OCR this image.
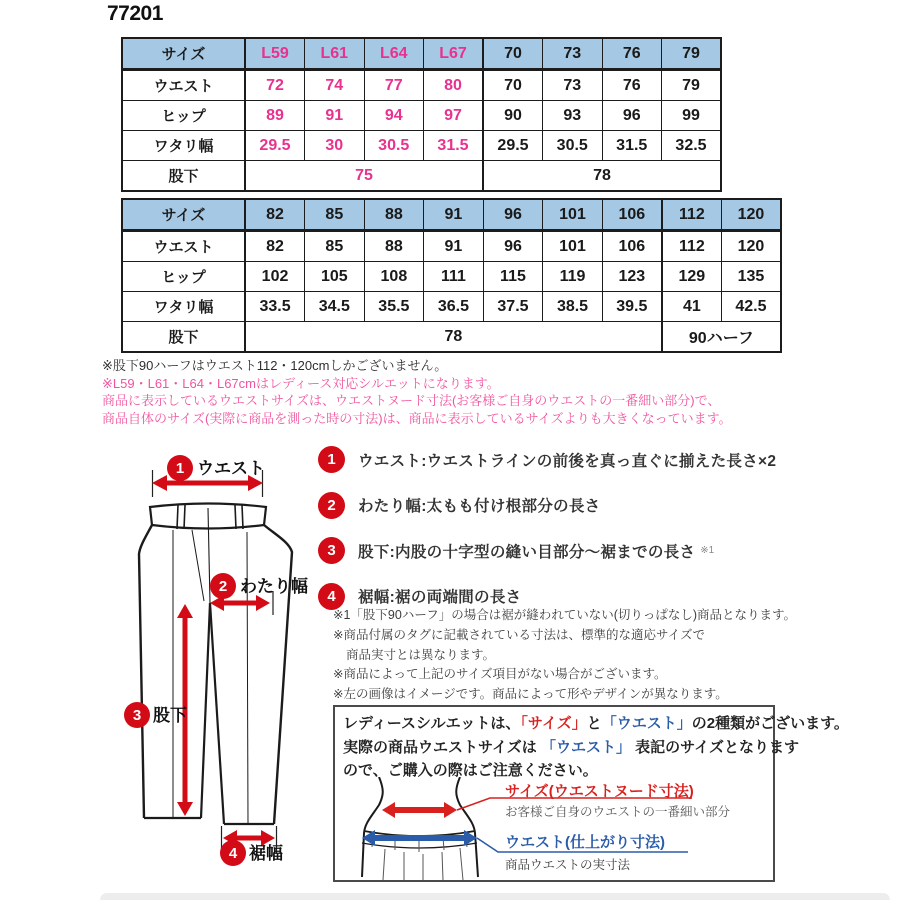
77201
サイズ	L59	L61	L64	L67	70	73	76	79
ウエスト	72	74	77	80	70	73	76	79
ヒップ	89	91	94	97	90	93	96	99
ワタリ幅	29.5	30	30.5	31.5	29.5	30.5	31.5	32.5
股下	75				78			
サイズ	82	85	88	91	96	101	106	112	120
ウエスト	82	85	88	91	96	101	106	112	120
ヒップ	102	105	108	111	115	119	123	129	135
ワタリ幅	33.5	34.5	35.5	36.5	37.5	38.5	39.5	41	42.5
股下	78							90ハーフ	
※股下90ハーフはウエスト112・120cmしかございません。
※L59・L61・L64・L67cmはレディース対応シルエットになります。
商品に表示しているウエストサイズは、ウエストヌード寸法(お客様ご自身のウエストの一番細い部分)で、
商品自体のサイズ(実際に商品を測った時の寸法)は、商品に表示しているサイズよりも大きくなっています。
1 ウエスト
2 わたり幅
3 股下
4 裾幅
1	ウエスト:ウエストラインの前後を真っ直ぐに揃えた長さ×2
2	わたり幅:太もも付け根部分の長さ
3	股下:内股の十字型の縫い目部分〜裾までの長さ ※1
4	裾幅:裾の両端間の長さ
※1「股下90ハーフ」の場合は裾が縫われていない(切りっぱなし)商品となります。
※商品付属のタグに記載されている寸法は、標準的な適応サイズで
商品実寸とは異なります。
※商品によって上記のサイズ項目がない場合がございます。
※左の画像はイメージです。商品によって形やデザインが異なります。
レディースシルエットは、「サイズ」と「ウエスト」の2種類がございます。
実際の商品ウエストサイズは 「ウエスト」 表記のサイズとなります
ので、ご購入の際はご注意ください。
サイズ(ウエストヌード寸法)
お客様ご自身のウエストの一番細い部分
ウエスト(仕上がり寸法)
商品ウエストの実寸法
